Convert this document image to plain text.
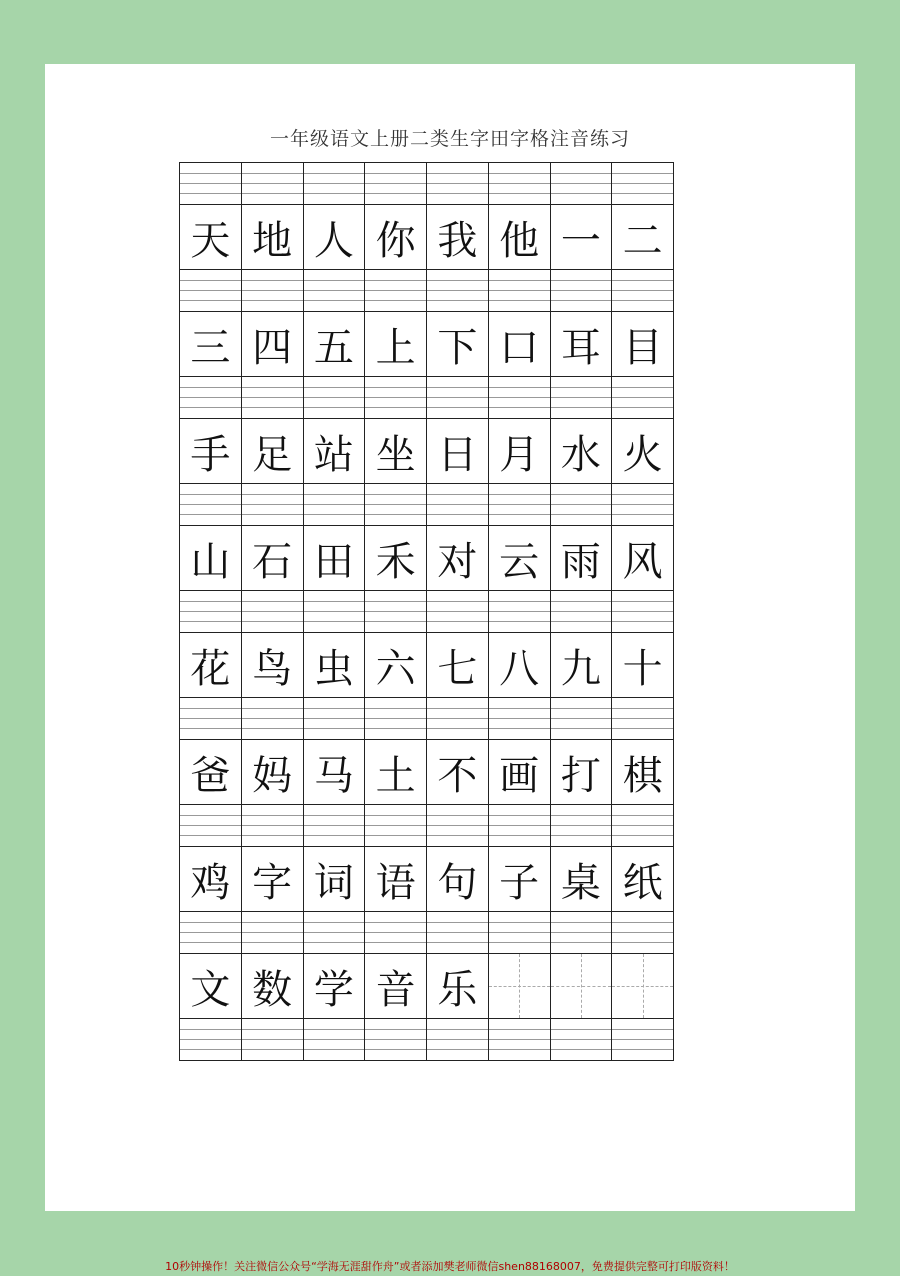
一年级语文上册二类生字田字格注音练习
天 地 人 你 我 他 一 二
三 四 五 上 下 口 耳 目
手 足 站 坐 日 月 水 火
山 石 田 禾 对 云 雨 风
花 鸟 虫 六 七 八 九 十
爸 妈 马 土 不 画 打 棋
鸡 字 词 语 句 子 桌 纸
文 数 学 音 乐
10秒钟操作！关注微信公众号“学海无涯甜作舟”或者添加樊老师微信shen88168007，免费提供完整可打印版资料！
